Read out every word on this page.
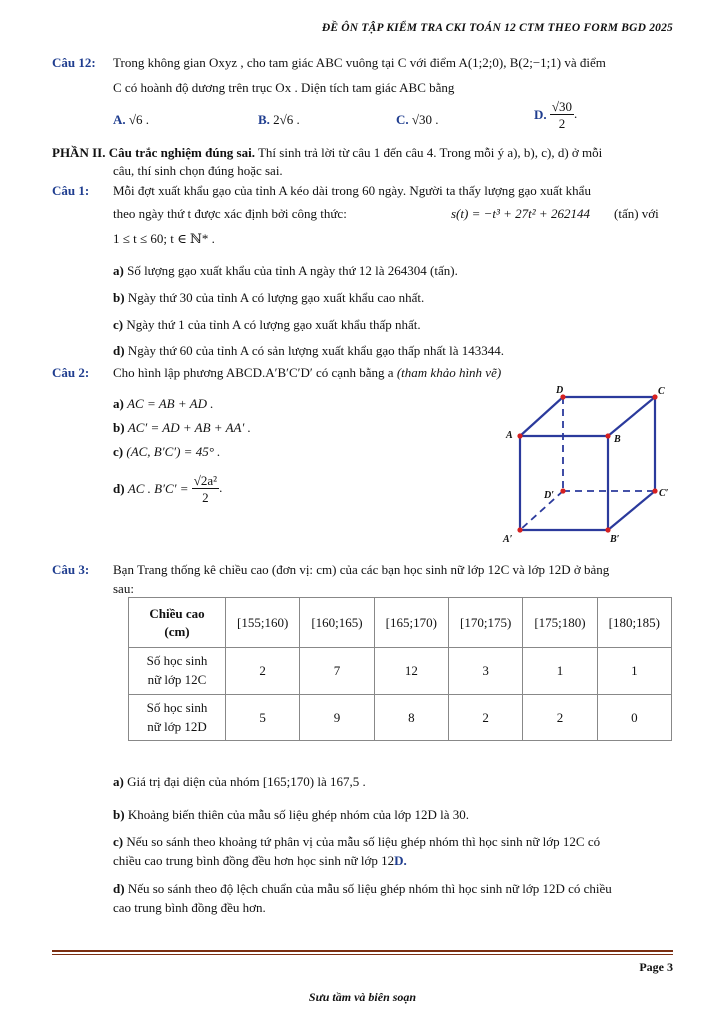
ĐỀ ÔN TẬP KIỂM TRA CKI TOÁN 12 CTM THEO FORM BGD 2025
Câu 12: Trong không gian Oxyz , cho tam giác ABC vuông tại C với điểm A(1;2;0), B(2;−1;1) và điểm
C có hoành độ dương trên trục Ox . Diện tích tam giác ABC bằng
A. √6 .	B. 2√6 .	C. √30 .	D. $\frac{√30}{2}$ .
PHẦN II. Câu trắc nghiệm đúng sai. Thí sinh trả lời từ câu 1 đến câu 4. Trong mỗi ý a), b), c), d) ở mỗi
câu, thí sinh chọn đúng hoặc sai.
Câu 1: Mỗi đợt xuất khẩu gạo của tỉnh A kéo dài trong 60 ngày. Người ta thấy lượng gạo xuất khẩu
theo ngày thứ t được xác định bởi công thức:	s(t) = −t³ + 27t² + 262144 (tấn) với
1 ≤ t ≤ 60; t ∈ ℕ* .
a) Số lượng gạo xuất khẩu của tỉnh A ngày thứ 12 là 264304 (tấn).
b) Ngày thứ 30 của tỉnh A có lượng gạo xuất khẩu cao nhất.
c) Ngày thứ 1 của tỉnh A có lượng gạo xuất khẩu thấp nhất.
d) Ngày thứ 60 của tỉnh A có sản lượng xuất khẩu gạo thấp nhất là 143344.
Câu 2: Cho hình lập phương ABCD.A′B′C′D′ có cạnh bằng a (tham khảo hình vẽ)
a) AC = AB + AD .
b) AC′ = AD + AB + AA′ .
c) (AC, B′C′) = 45° .
d) AC . $B'C' = \frac{\text{√2a²}}{2}$ .
A	B
C
D
A′	B′
C′
D′
Câu 3: Bạn Trang thống kê chiều cao (đơn vị: cm) của các bạn học sinh nữ lớp 12C và lớp 12D ở bảng
sau:
Chiều cao
(cm)	[155;160)	[160;165)	[165;170)	[170;175)	[175;180)	[180;185)
Số học sinh
nữ lớp 12C	2	7	12	3	1	1
Số học sinh
nữ lớp 12D	5	9	8	2	2	0
a) Giá trị đại diện của nhóm [165;170) là 167,5 .
b) Khoảng biến thiên của mẫu số liệu ghép nhóm của lớp 12D là 30.
c) Nếu so sánh theo khoảng tứ phân vị của mẫu số liệu ghép nhóm thì học sinh nữ lớp 12C có
chiều cao trung bình đồng đều hơn học sinh nữ lớp 12D.
d) Nếu so sánh theo độ lệch chuẩn của mẫu số liệu ghép nhóm thì học sinh nữ lớp 12D có chiều
cao trung bình đồng đều hơn.
Page 3
Sưu tầm và biên soạn
